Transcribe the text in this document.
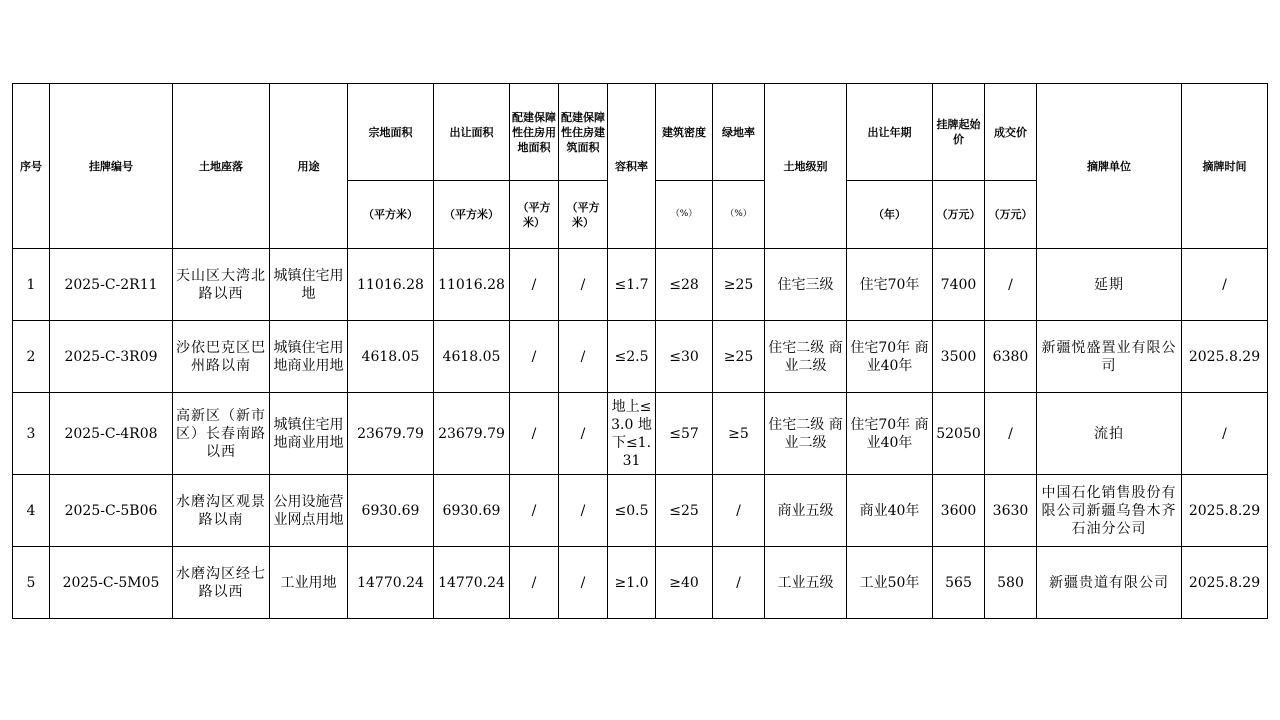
序号	挂牌编号	土地座落	用途	宗地面积	出让面积	配建保障性住房用地面积	配建保障性住房建筑面积	容积率	建筑密度	绿地率	土地级别	出让年期	挂牌起始价	成交价	摘牌单位	摘牌时间
				（平方米）	（平方米）	（平方米）	（平方米）		（%）	（%）		（年）	（万元）	（万元）		
1	2025-C-2R11	天山区大湾北路以西	城镇住宅用地	11016.28	11016.28	/	/	≤1.7	≤28	≥25	住宅三级	住宅70年	7400	/	延期	/
2	2025-C-3R09	沙依巴克区巴州路以南	城镇住宅用地商业用地	4618.05	4618.05	/	/	≤2.5	≤30	≥25	住宅二级 商业二级	住宅70年 商业40年	3500	6380	新疆悦盛置业有限公司	2025.8.29
3	2025-C-4R08	高新区（新市区）长春南路以西	城镇住宅用地商业用地	23679.79	23679.79	/	/	地上≤3.0 地下≤1.31	≤57	≥5	住宅二级 商业二级	住宅70年 商业40年	52050	/	流拍	/
4	2025-C-5B06	水磨沟区观景路以南	公用设施营业网点用地	6930.69	6930.69	/	/	≤0.5	≤25	/	商业五级	商业40年	3600	3630	中国石化销售股份有限公司新疆乌鲁木齐石油分公司	2025.8.29
5	2025-C-5M05	水磨沟区经七路以西	工业用地	14770.24	14770.24	/	/	≥1.0	≥40	/	工业五级	工业50年	565	580	新疆贵道有限公司	2025.8.29
